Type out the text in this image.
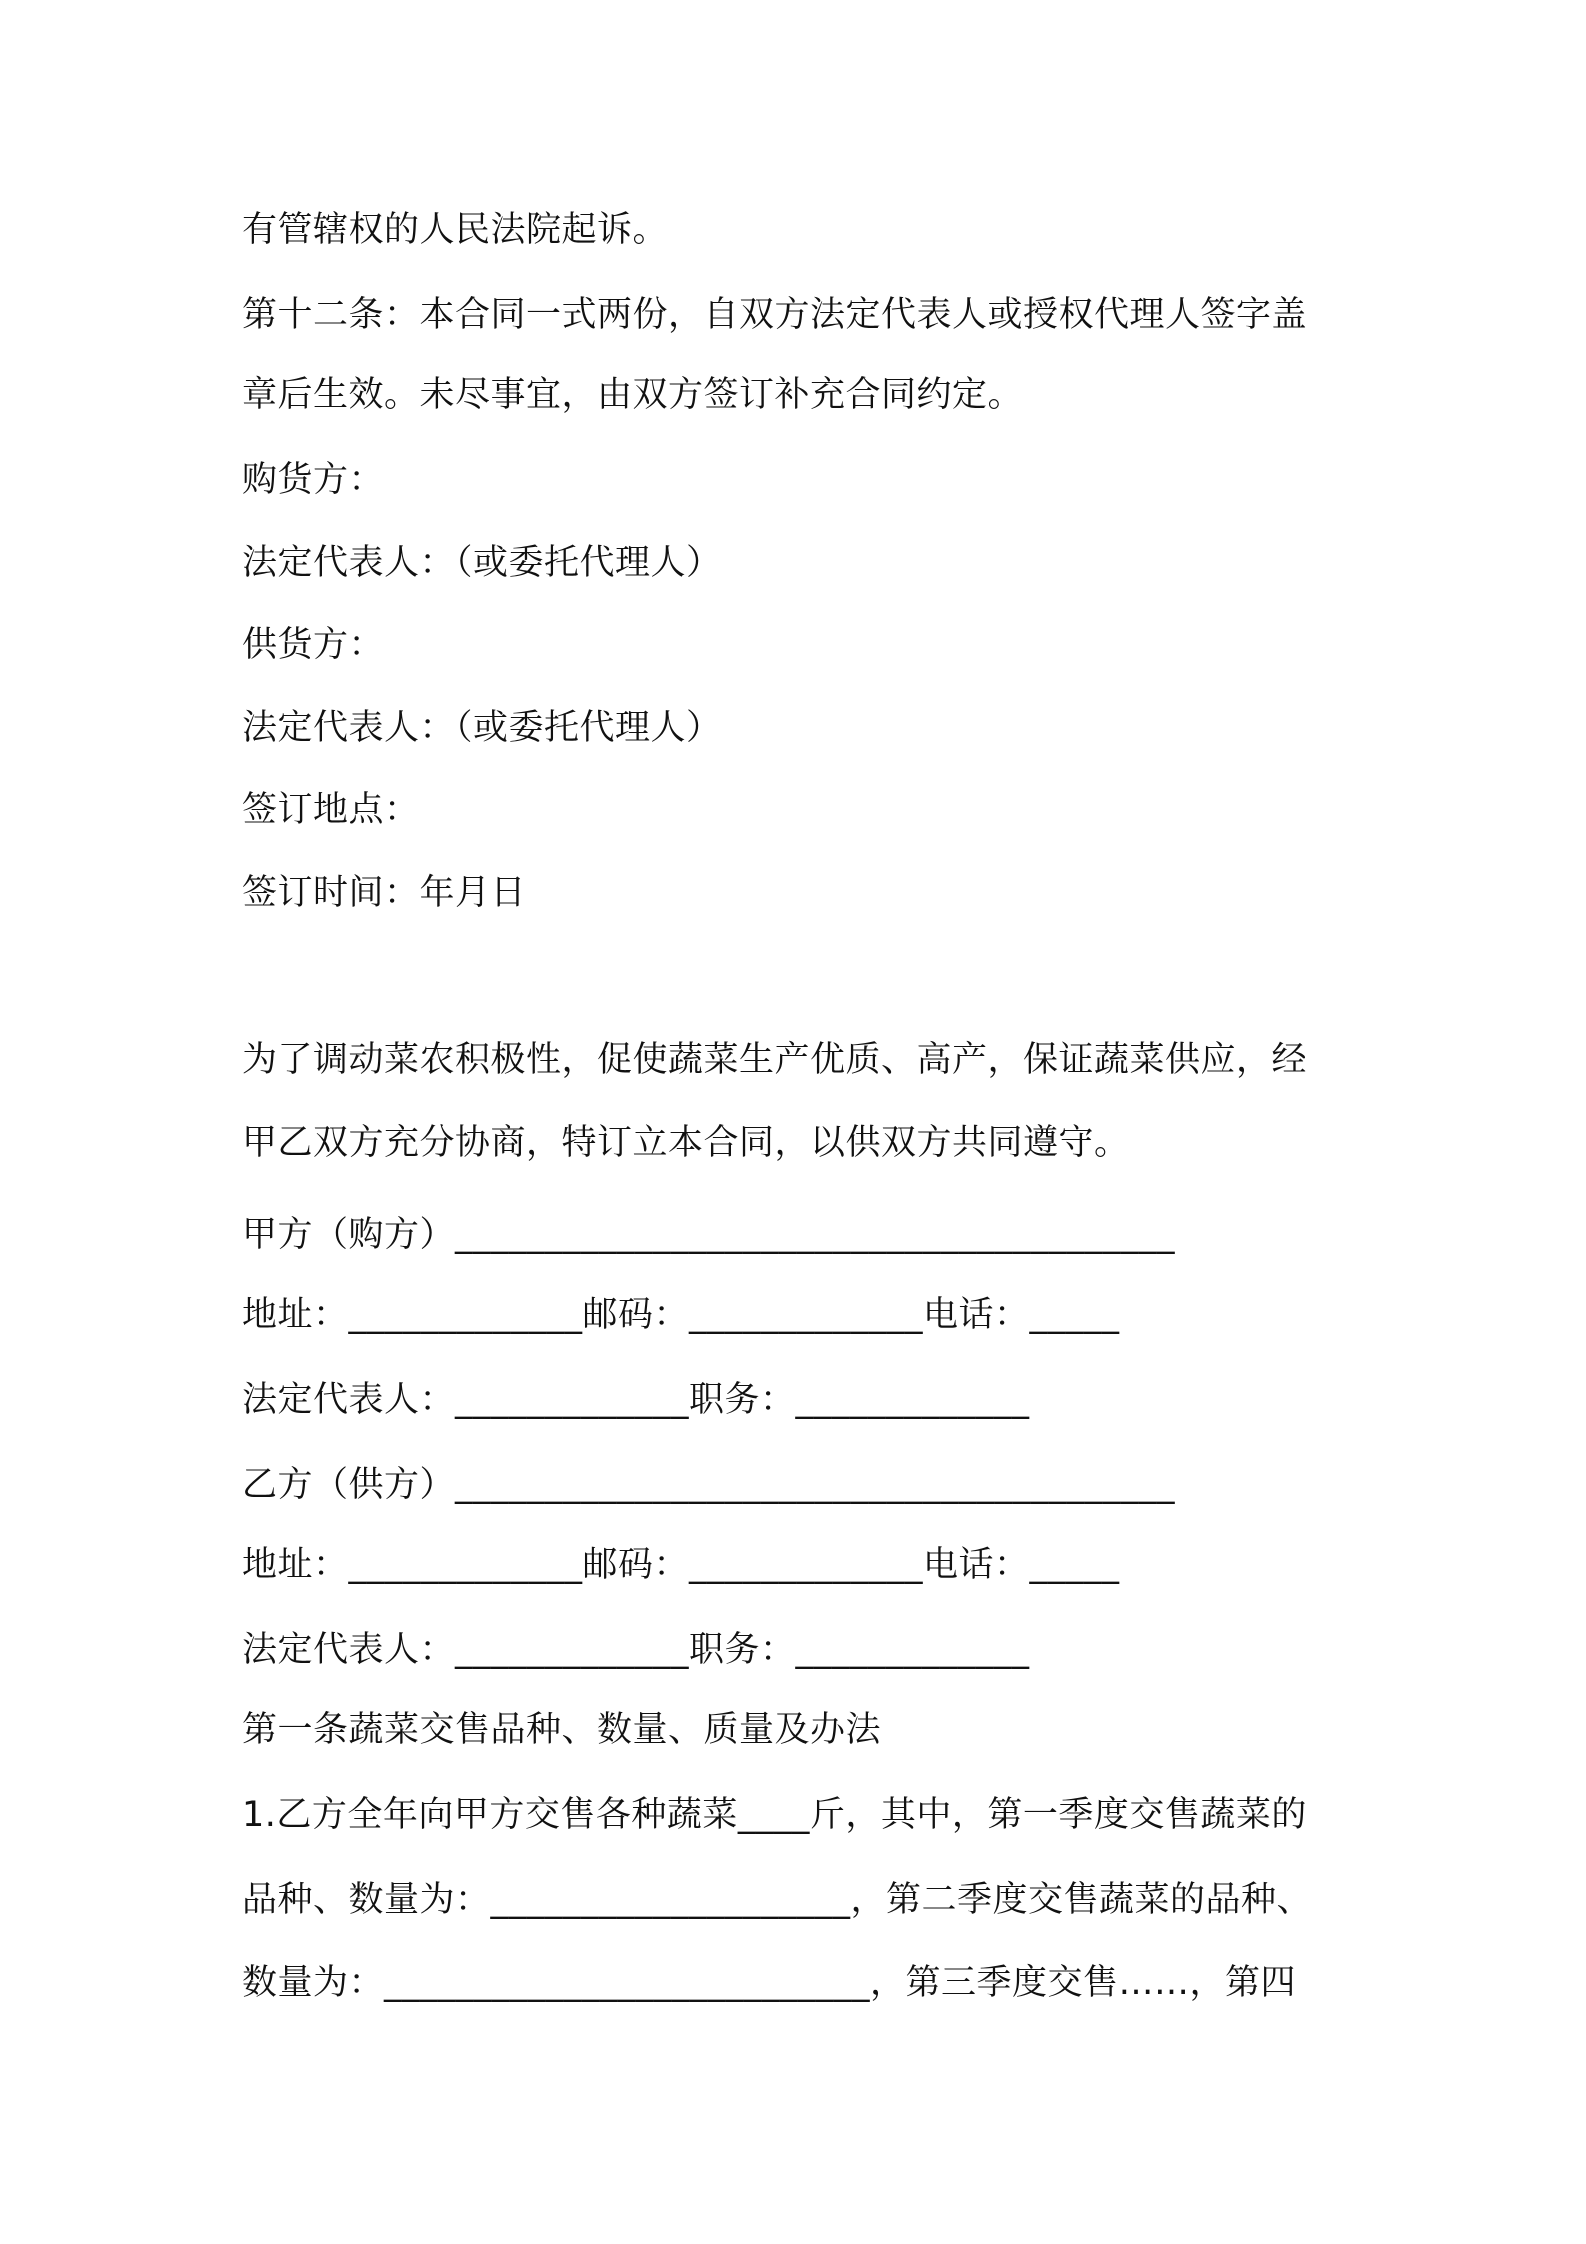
有管辖权的人民法院起诉。
第十二条：本合同一式两份，自双方法定代表人或授权代理人签字盖
章后生效。未尽事宜，由双方签订补充合同约定。
购货方：
法定代表人：（或委托代理人）
供货方：
法定代表人：（或委托代理人）
签订地点：
签订时间：年月日
为了调动菜农积极性，促使蔬菜生产优质、高产，保证蔬菜供应，经
甲乙双方充分协商，特订立本合同，以供双方共同遵守。
甲方（购方）________________________________________
地址：_____________邮码：_____________电话：_____
法定代表人：_____________职务：_____________
乙方（供方）________________________________________
地址：_____________邮码：_____________电话：_____
法定代表人：_____________职务：_____________
第一条蔬菜交售品种、数量、质量及办法
1.乙方全年向甲方交售各种蔬菜____斤，其中，第一季度交售蔬菜的
品种、数量为：____________________，第二季度交售蔬菜的品种、
数量为：___________________________，第三季度交售……，第四
